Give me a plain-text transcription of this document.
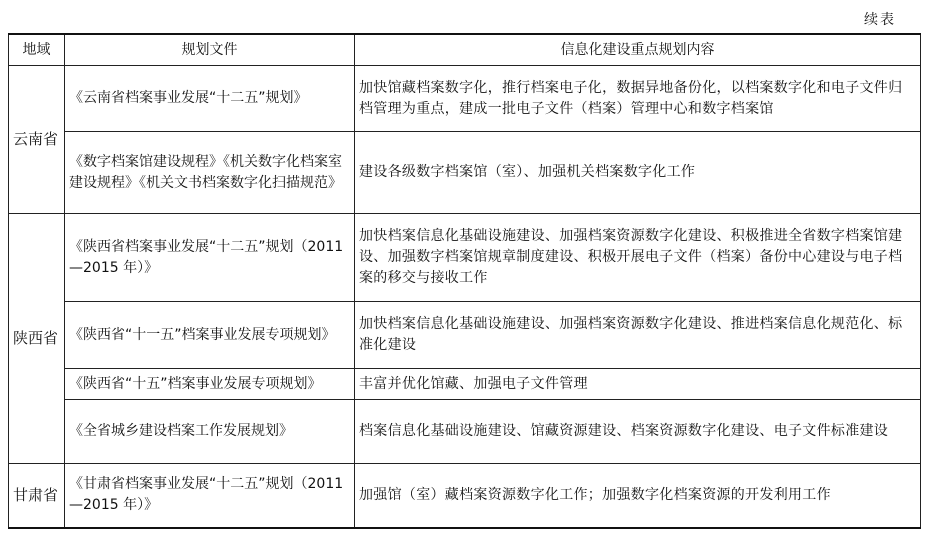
续表
地域	规划文件	信息化建设重点规划内容
云南省	《云南省档案事业发展“十二五”规划》	加快馆藏档案数字化，推行档案电子化，数据异地备份化，以档案数字化和电子文件归档管理为重点，建成一批电子文件（档案）管理中心和数字档案馆
	《数字档案馆建设规程》《机关数字化档案室建设规程》《机关文书档案数字化扫描规范》	建设各级数字档案馆（室）、加强机关档案数字化工作
陕西省	《陕西省档案事业发展“十二五”规划（2011—2015 年）》	加快档案信息化基础设施建设、加强档案资源数字化建设、积极推进全省数字档案馆建设、加强数字档案馆规章制度建设、积极开展电子文件（档案）备份中心建设与电子档案的移交与接收工作
	《陕西省“十一五”档案事业发展专项规划》	加快档案信息化基础设施建设、加强档案资源数字化建设、推进档案信息化规范化、标准化建设
	《陕西省“十五”档案事业发展专项规划》	丰富并优化馆藏、加强电子文件管理
	《全省城乡建设档案工作发展规划》	档案信息化基础设施建设、馆藏资源建设、档案资源数字化建设、电子文件标准建设
甘肃省	《甘肃省档案事业发展“十二五”规划（2011—2015 年）》	加强馆（室）藏档案资源数字化工作；加强数字化档案资源的开发利用工作
